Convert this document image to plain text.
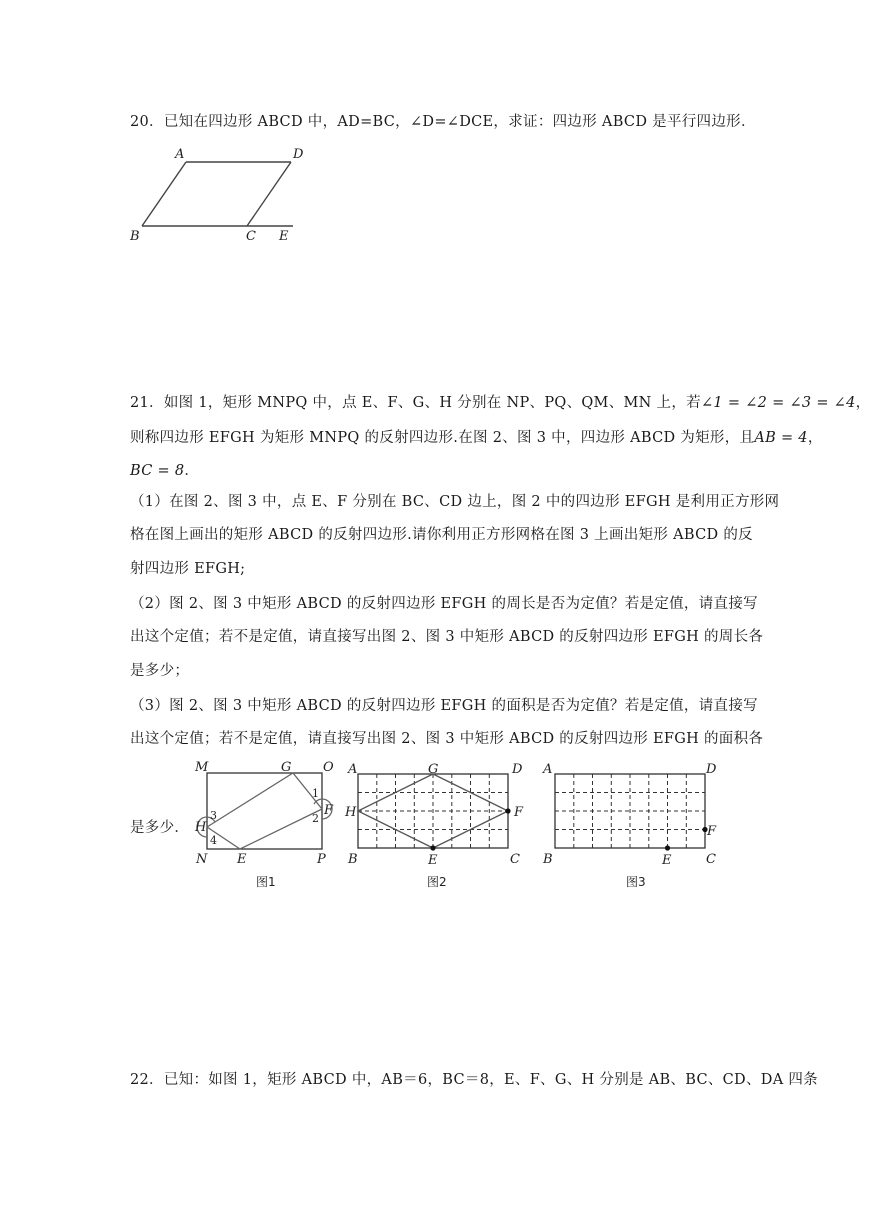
20．已知在四边形 ABCD 中，AD=BC，∠D=∠DCE，求证：四边形 ABCD 是平行四边形．
A	D
B	C E
21．如图 1，矩形 MNPQ 中，点 E、F、G、H 分别在 NP、PQ、QM、MN 上，若∠1 = ∠2 = ∠3 = ∠4，
则称四边形 EFGH 为矩形 MNPQ 的反射四边形.在图 2、图 3 中，四边形 ABCD 为矩形，且AB = 4，
BC = 8．
（1）在图 2、图 3 中，点 E、F 分别在 BC、CD 边上，图 2 中的四边形 EFGH 是利用正方形网
格在图上画出的矩形 ABCD 的反射四边形.请你利用正方形网格在图 3 上画出矩形 ABCD 的反
射四边形 EFGH;
（2）图 2、图 3 中矩形 ABCD 的反射四边形 EFGH 的周长是否为定值？若是定值，请直接写
出这个定值；若不是定值，请直接写出图 2、图 3 中矩形 ABCD 的反射四边形 EFGH 的周长各
是多少；
（3）图 2、图 3 中矩形 ABCD 的反射四边形 EFGH 的面积是否为定值？若是定值，请直接写
出这个定值；若不是定值，请直接写出图 2、图 3 中矩形 ABCD 的反射四边形 EFGH 的面积各
是多少．
M	G O
1
F
2
3
H
4
N E	P
图1
A	G	D
H	F
B	E	C
图2
A	D
F
B	E	C
图3
22．已知：如图 1，矩形 ABCD 中，AB＝6，BC＝8，E、F、G、H 分别是 AB、BC、CD、DA 四条
